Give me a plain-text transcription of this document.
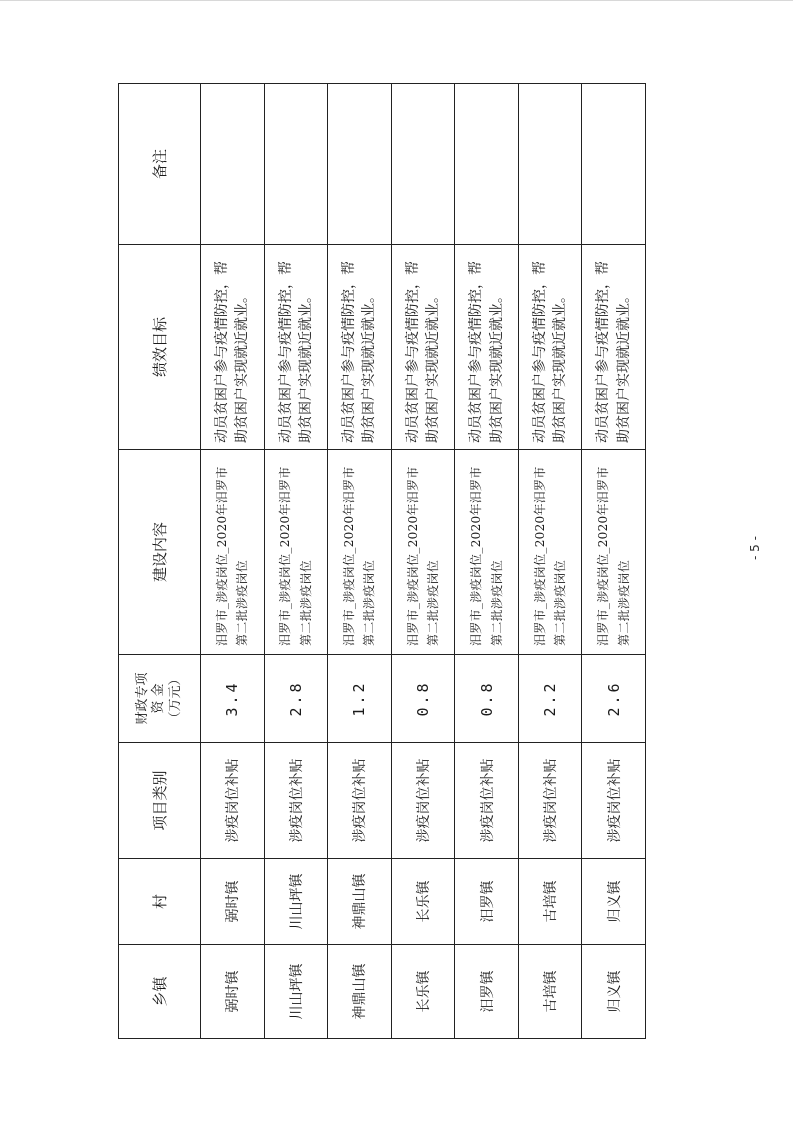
乡镇	村	项目类别	财政专项 资 金 （万元）	建设内容	绩效目标	备注
弼时镇	弼时镇	涉疫岗位补贴	3.4	汨罗市_涉疫岗位_2020年汨罗市第二批涉疫岗位	动员贫困户参与疫情防控，帮助贫困户实现就近就业。	
川山坪镇	川山坪镇	涉疫岗位补贴	2.8	汨罗市_涉疫岗位_2020年汨罗市第二批涉疫岗位	动员贫困户参与疫情防控，帮助贫困户实现就近就业。	
神鼎山镇	神鼎山镇	涉疫岗位补贴	1.2	汨罗市_涉疫岗位_2020年汨罗市第二批涉疫岗位	动员贫困户参与疫情防控，帮助贫困户实现就近就业。	
长乐镇	长乐镇	涉疫岗位补贴	0.8	汨罗市_涉疫岗位_2020年汨罗市第二批涉疫岗位	动员贫困户参与疫情防控，帮助贫困户实现就近就业。	
汨罗镇	汨罗镇	涉疫岗位补贴	0.8	汨罗市_涉疫岗位_2020年汨罗市第二批涉疫岗位	动员贫困户参与疫情防控，帮助贫困户实现就近就业。	
古培镇	古培镇	涉疫岗位补贴	2.2	汨罗市_涉疫岗位_2020年汨罗市第二批涉疫岗位	动员贫困户参与疫情防控，帮助贫困户实现就近就业。	
归义镇	归义镇	涉疫岗位补贴	2.6	汨罗市_涉疫岗位_2020年汨罗市第二批涉疫岗位	动员贫困户参与疫情防控，帮助贫困户实现就近就业。	
- 5 -
